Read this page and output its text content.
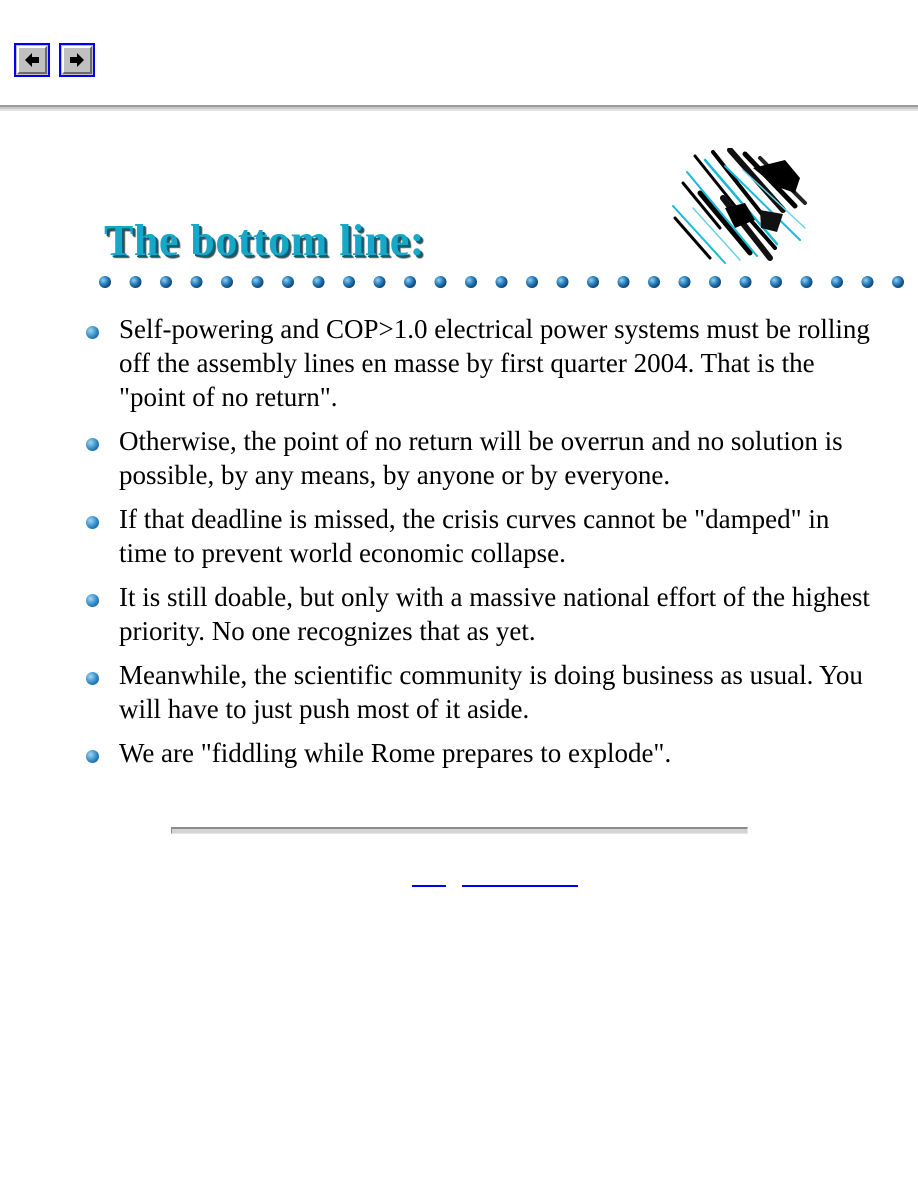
The bottom line:
Self-powering and COP>1.0 electrical power systems must be rolling off the assembly lines en masse by first quarter 2004. That is the "point of no return".
Otherwise, the point of no return will be overrun and no solution is possible, by any means, by anyone or by everyone.
If that deadline is missed, the crisis curves cannot be "damped" in time to prevent world economic collapse.
It is still doable, but only with a massive national effort of the highest priority. No one recognizes that as yet.
Meanwhile, the scientific community is doing business as usual. You will have to just push most of it aside.
We are "fiddling while Rome prepares to explode".
